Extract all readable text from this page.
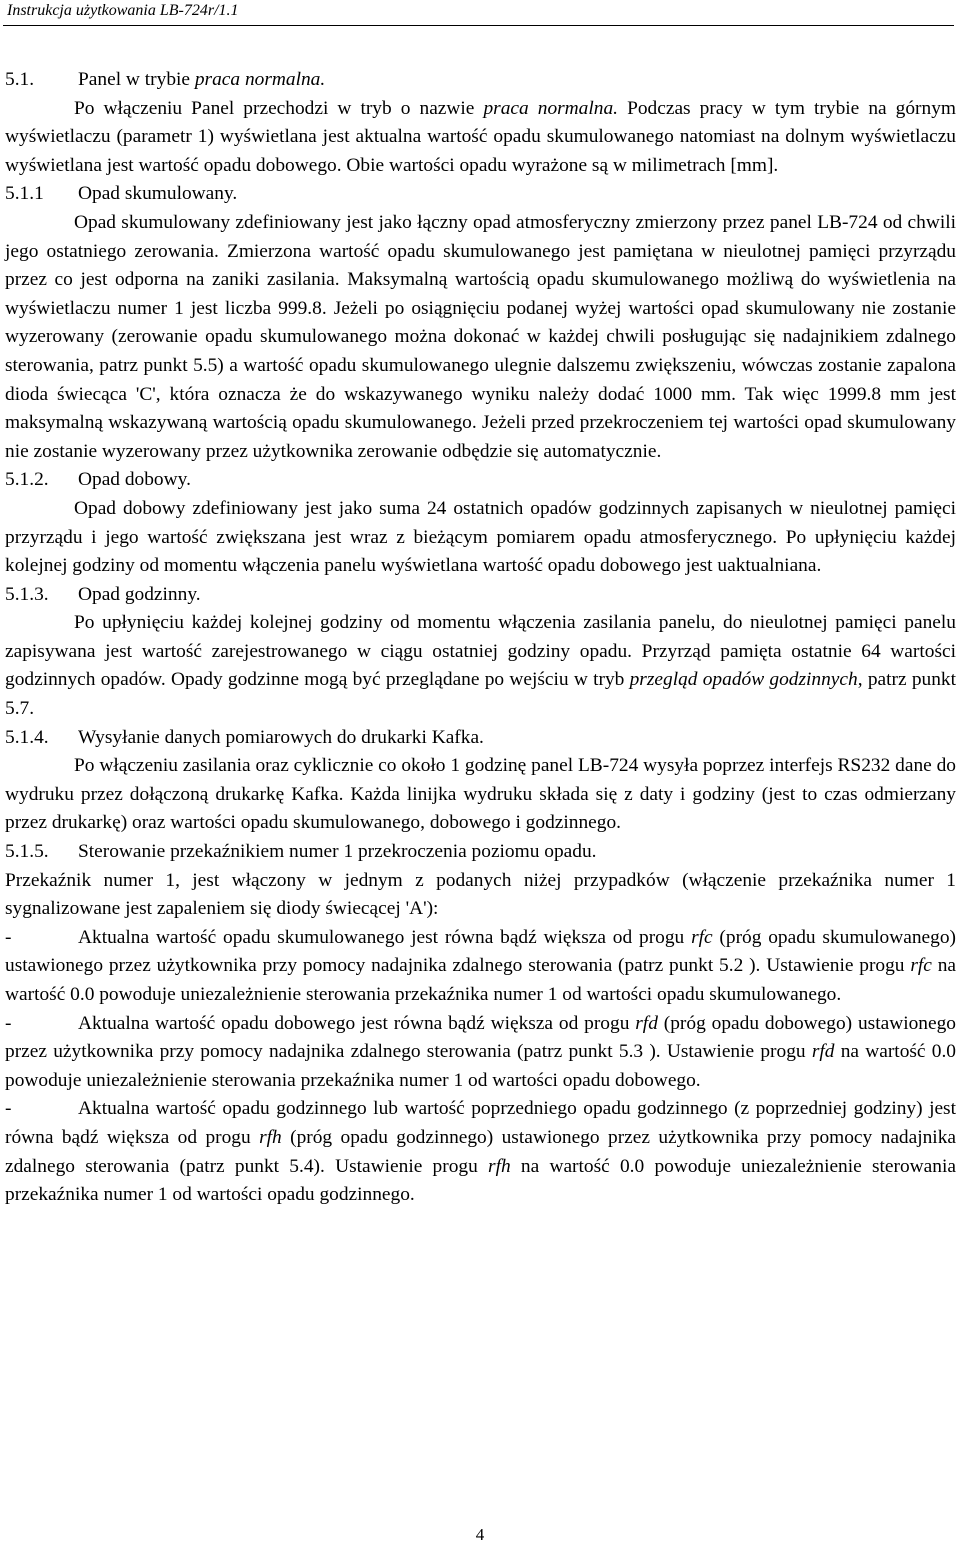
Instrukcja użytkowania LB-724r/1.1

5.1. Panel w trybie praca normalna.

Po włączeniu Panel przechodzi w tryb o nazwie praca normalna. Podczas pracy w tym trybie na górnym wyświetlaczu (parametr 1) wyświetlana jest aktualna wartość opadu skumulowanego natomiast na dolnym wyświetlaczu wyświetlana jest wartość opadu dobowego. Obie wartości opadu wyrażone są w milimetrach [mm].

5.1.1 Opad skumulowany.

Opad skumulowany zdefiniowany jest jako łączny opad atmosferyczny zmierzony przez panel LB-724 od chwili jego ostatniego zerowania. Zmierzona wartość opadu skumulowanego jest pamiętana w nieulotnej pamięci przyrządu przez co jest odporna na zaniki zasilania. Maksymalną wartością opadu skumulowanego możliwą do wyświetlenia na wyświetlaczu numer 1 jest liczba 999.8. Jeżeli po osiągnięciu podanej wyżej wartości opad skumulowany nie zostanie wyzerowany (zerowanie opadu skumulowanego można dokonać w każdej chwili posługując się nadajnikiem zdalnego sterowania, patrz punkt 5.5) a wartość opadu skumulowanego ulegnie dalszemu zwiększeniu, wówczas zostanie zapalona dioda świecąca 'C', która oznacza że do wskazywanego wyniku należy dodać 1000 mm. Tak więc 1999.8 mm jest maksymalną wskazywaną wartością opadu skumulowanego. Jeżeli przed przekroczeniem tej wartości opad skumulowany nie zostanie wyzerowany przez użytkownika zerowanie odbędzie się automatycznie.

5.1.2. Opad dobowy.

Opad dobowy zdefiniowany jest jako suma 24 ostatnich opadów godzinnych zapisanych w nieulotnej pamięci przyrządu i jego wartość zwiększana jest wraz z bieżącym pomiarem opadu atmosferycznego. Po upłynięciu każdej kolejnej godziny od momentu włączenia panelu wyświetlana wartość opadu dobowego jest uaktualniana.

5.1.3. Opad godzinny.

Po upłynięciu każdej kolejnej godziny od momentu włączenia zasilania panelu, do nieulotnej pamięci panelu zapisywana jest wartość zarejestrowanego w ciągu ostatniej godziny opadu. Przyrząd pamięta ostatnie 64 wartości godzinnych opadów. Opady godzinne mogą być przeglądane po wejściu w tryb przegląd opadów godzinnych, patrz punkt 5.7.

5.1.4. Wysyłanie danych pomiarowych do drukarki Kafka.

Po włączeniu zasilania oraz cyklicznie co około 1 godzinę panel LB-724 wysyła poprzez interfejs RS232 dane do wydruku przez dołączoną drukarkę Kafka. Każda linijka wydruku składa się z daty i godziny (jest to czas odmierzany przez drukarkę) oraz wartości opadu skumulowanego, dobowego i godzinnego.

5.1.5. Sterowanie przekaźnikiem numer 1 przekroczenia poziomu opadu.

Przekaźnik numer 1, jest włączony w jednym z podanych niżej przypadków (włączenie przekaźnika numer 1 sygnalizowane jest zapaleniem się diody świecącej 'A'):

-	Aktualna wartość opadu skumulowanego jest równa bądź większa od progu rfc (próg opadu skumulowanego) ustawionego przez użytkownika przy pomocy nadajnika zdalnego sterowania (patrz punkt 5.2 ). Ustawienie progu rfc na wartość 0.0 powoduje uniezależnienie sterowania przekaźnika numer 1 od wartości opadu skumulowanego.

-	Aktualna wartość opadu dobowego jest równa bądź większa od progu rfd (próg opadu dobowego) ustawionego przez użytkownika przy pomocy nadajnika zdalnego sterowania (patrz punkt 5.3 ). Ustawienie progu rfd na wartość 0.0 powoduje uniezależnienie sterowania przekaźnika numer 1 od wartości opadu dobowego.

-	Aktualna wartość opadu godzinnego lub wartość poprzedniego opadu godzinnego (z poprzedniej godziny) jest równa bądź większa od progu rfh (próg opadu godzinnego) ustawionego przez użytkownika przy pomocy nadajnika zdalnego sterowania (patrz punkt 5.4). Ustawienie progu rfh na wartość 0.0 powoduje uniezależnienie sterowania przekaźnika numer 1 od wartości opadu godzinnego.

4
